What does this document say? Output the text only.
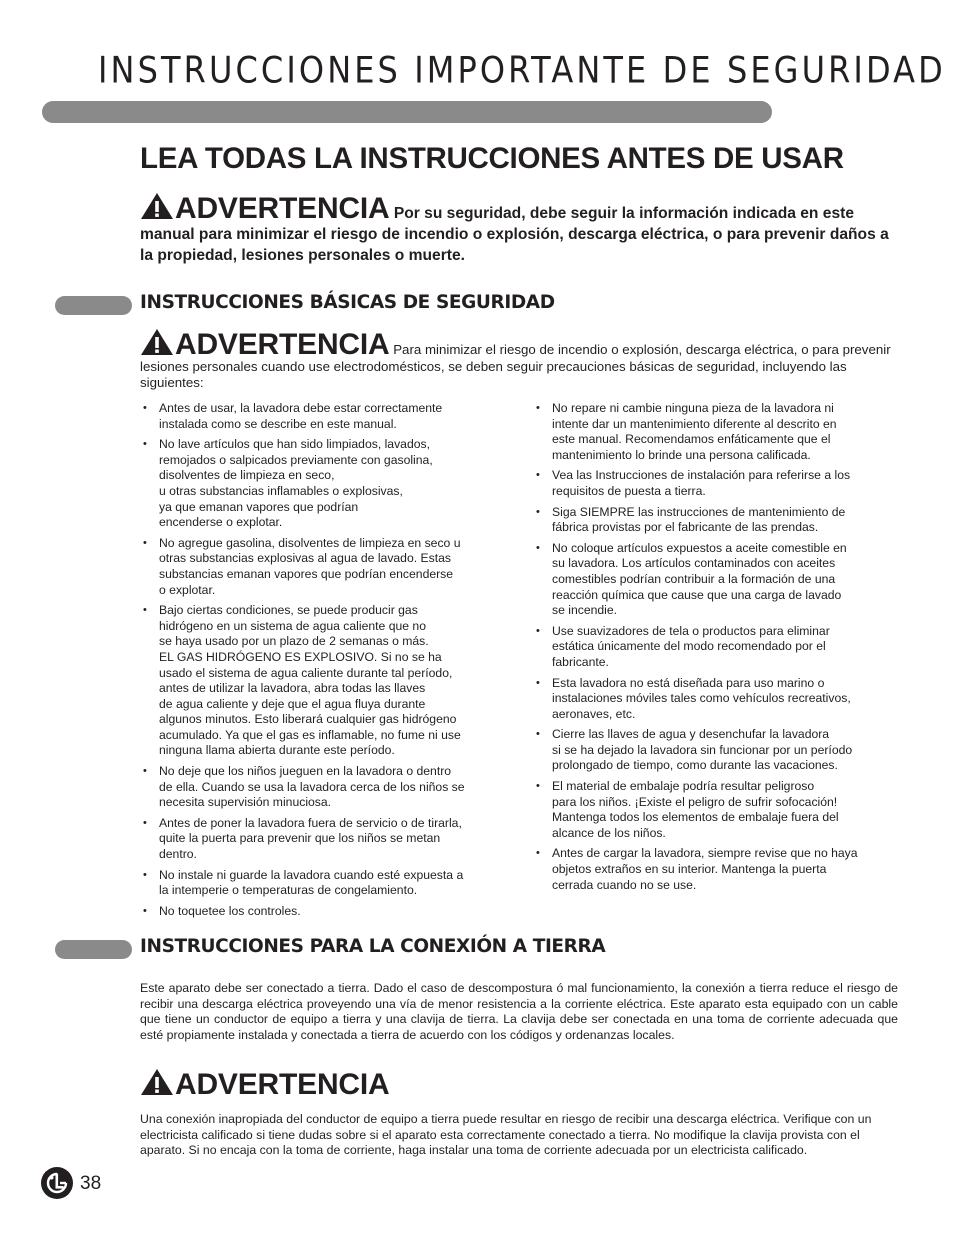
INSTRUCCIONES IMPORTANTE DE SEGURIDAD
LEA TODAS LA INSTRUCCIONES ANTES DE USAR
ADVERTENCIA Por su seguridad, debe seguir la información indicada en este manual para minimizar el riesgo de incendio o explosión, descarga eléctrica, o para prevenir daños a la propiedad, lesiones personales o muerte.
INSTRUCCIONES BÁSICAS DE SEGURIDAD
ADVERTENCIA Para minimizar el riesgo de incendio o explosión, descarga eléctrica, o para prevenir lesiones personales cuando use electrodomésticos, se deben seguir precauciones básicas de seguridad, incluyendo las siguientes:
• Antes de usar, la lavadora debe estar correctamente
instalada como se describe en este manual.
• No lave artículos que han sido limpiados, lavados,
remojados o salpicados previamente con gasolina,
disolventes de limpieza en seco,
u otras substancias inflamables o explosivas,
ya que emanan vapores que podrían
encenderse o explotar.
• No agregue gasolina, disolventes de limpieza en seco u
otras substancias explosivas al agua de lavado. Estas
substancias emanan vapores que podrían encenderse
o explotar.
• Bajo ciertas condiciones, se puede producir gas
hidrógeno en un sistema de agua caliente que no
se haya usado por un plazo de 2 semanas o más.
EL GAS HIDRÓGENO ES EXPLOSIVO. Si no se ha
usado el sistema de agua caliente durante tal período,
antes de utilizar la lavadora, abra todas las llaves
de agua caliente y deje que el agua fluya durante
algunos minutos. Esto liberará cualquier gas hidrógeno
acumulado. Ya que el gas es inflamable, no fume ni use
ninguna llama abierta durante este período.
• No deje que los niños jueguen en la lavadora o dentro
de ella. Cuando se usa la lavadora cerca de los niños se
necesita supervisión minuciosa.
• Antes de poner la lavadora fuera de servicio o de tirarla,
quite la puerta para prevenir que los niños se metan
dentro.
• No instale ni guarde la lavadora cuando esté expuesta a
la intemperie o temperaturas de congelamiento.
• No toquetee los controles.
• No repare ni cambie ninguna pieza de la lavadora ni
intente dar un mantenimiento diferente al descrito en
este manual. Recomendamos enfáticamente que el
mantenimiento lo brinde una persona calificada.
• Vea las Instrucciones de instalación para referirse a los
requisitos de puesta a tierra.
• Siga SIEMPRE las instrucciones de mantenimiento de
fábrica provistas por el fabricante de las prendas.
• No coloque artículos expuestos a aceite comestible en
su lavadora. Los artículos contaminados con aceites
comestibles podrían contribuir a la formación de una
reacción química que cause que una carga de lavado
se incendie.
• Use suavizadores de tela o productos para eliminar
estática únicamente del modo recomendado por el
fabricante.
• Esta lavadora no está diseñada para uso marino o
instalaciones móviles tales como vehículos recreativos,
aeronaves, etc.
• Cierre las llaves de agua y desenchufar la lavadora
si se ha dejado la lavadora sin funcionar por un período
prolongado de tiempo, como durante las vacaciones.
• El material de embalaje podría resultar peligroso
para los niños. ¡Existe el peligro de sufrir sofocación!
Mantenga todos los elementos de embalaje fuera del
alcance de los niños.
• Antes de cargar la lavadora, siempre revise que no haya
objetos extraños en su interior. Mantenga la puerta
cerrada cuando no se use.
INSTRUCCIONES PARA LA CONEXIÓN A TIERRA
Este aparato debe ser conectado a tierra. Dado el caso de descompostura ó mal funcionamiento, la conexión a tierra reduce el riesgo de recibir una descarga eléctrica proveyendo una vía de menor resistencia a la corriente eléctrica. Este aparato esta equipado con un cable que tiene un conductor de equipo a tierra y una clavija de tierra. La clavija debe ser conectada en una toma de corriente adecuada que esté propiamente instalada y conectada a tierra de acuerdo con los códigos y ordenanzas locales.
ADVERTENCIA
Una conexión inapropiada del conductor de equipo a tierra puede resultar en riesgo de recibir una descarga eléctrica. Verifique con un electricista calificado si tiene dudas sobre si el aparato esta correctamente conectado a tierra. No modifique la clavija provista con el aparato. Si no encaja con la toma de corriente, haga instalar una toma de corriente adecuada por un electricista calificado.
38
